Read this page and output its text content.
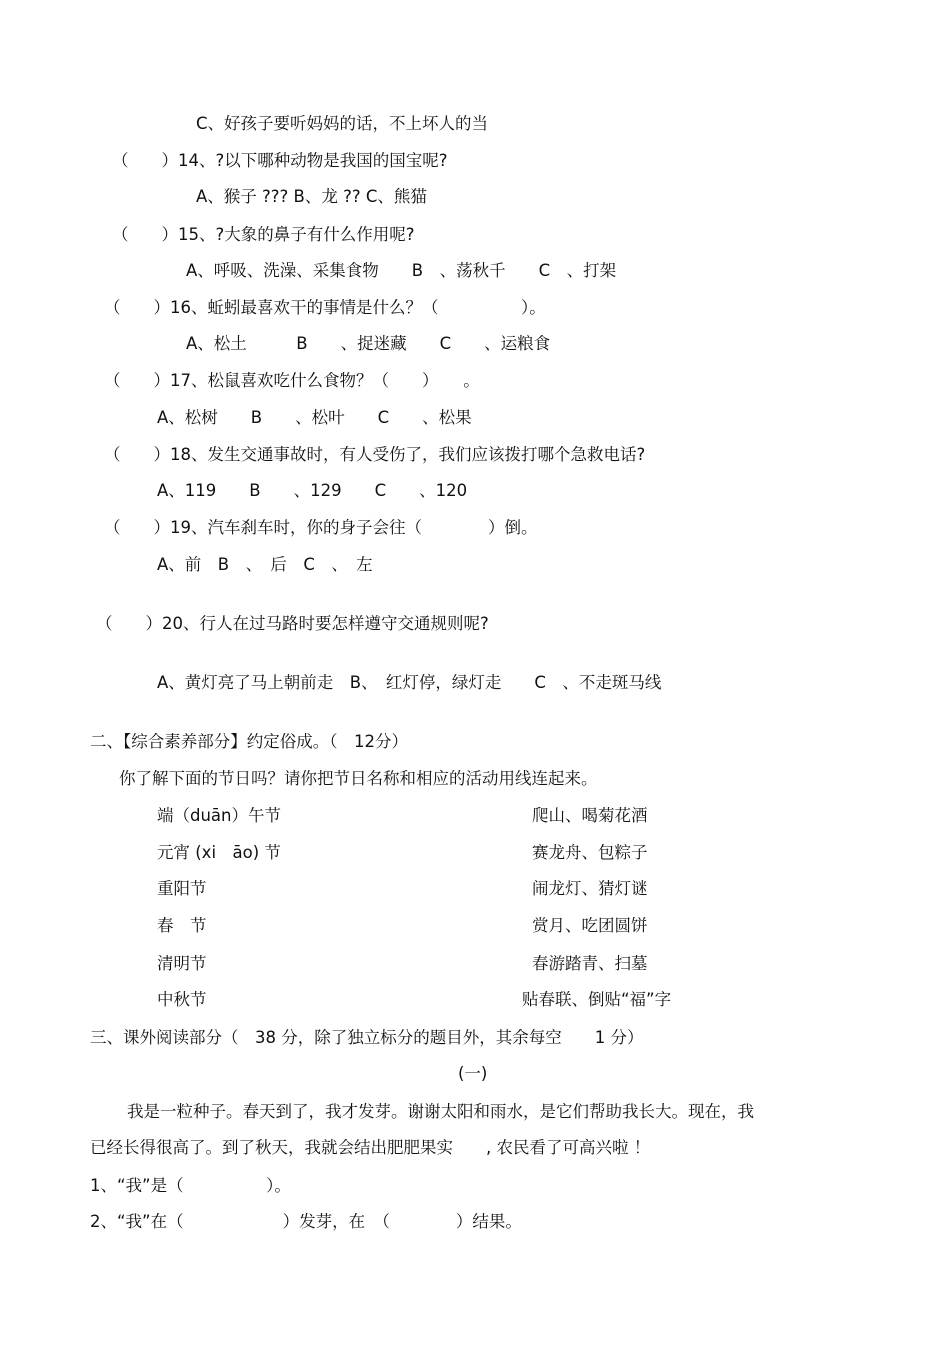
C、好孩子要听妈妈的话，不上坏人的当
（　　）14、?以下哪种动物是我国的国宝呢?
A、猴子 ??? B、龙 ?? C、熊猫
（　　）15、?大象的鼻子有什么作用呢?
A、呼吸、洗澡、采集食物　　B　、荡秋千　　C　、打架
（　　）16、蚯蚓最喜欢干的事情是什么？（　　　　　）。
A、松土　　　B　　、捉迷藏　　C　　、运粮食
（　　）17、松鼠喜欢吃什么食物？（　　）　　。
A、松树　　B　　、松叶　　C　　、松果
（　　）18、发生交通事故时，有人受伤了，我们应该拨打哪个急救电话?
A、119　　B　　、129　　C　　、120
（　　）19、汽车刹车时，你的身子会往（　　　　）倒。
A、前　B　、　后　C　、　左
（　　）20、行人在过马路时要怎样遵守交通规则呢?
A、黄灯亮了马上朝前走　B、　红灯停，绿灯走　　C　、不走斑马线
二、【综合素养部分】约定俗成。（　12分）
你了解下面的节日吗？请你把节日名称和相应的活动用线连起来。
端（duān）午节	爬山、喝菊花酒
元宵 (xi　āo) 节	赛龙舟、包粽子
重阳节	闹龙灯、猜灯谜
春　节	赏月、吃团圆饼
清明节	春游踏青、扫墓
中秋节	贴春联、倒贴“福”字
三、课外阅读部分（　38 分，除了独立标分的题目外，其余每空　　1 分）
(一)
我是一粒种子。春天到了，我才发芽。谢谢太阳和雨水，是它们帮助我长大。现在，我
已经长得很高了。到了秋天，我就会结出肥肥果实　　, 农民看了可高兴啦 ！
1、“我”是（　　　　　）。
2、“我”在（　　　　　　）发芽，在　（　　　　）结果。
